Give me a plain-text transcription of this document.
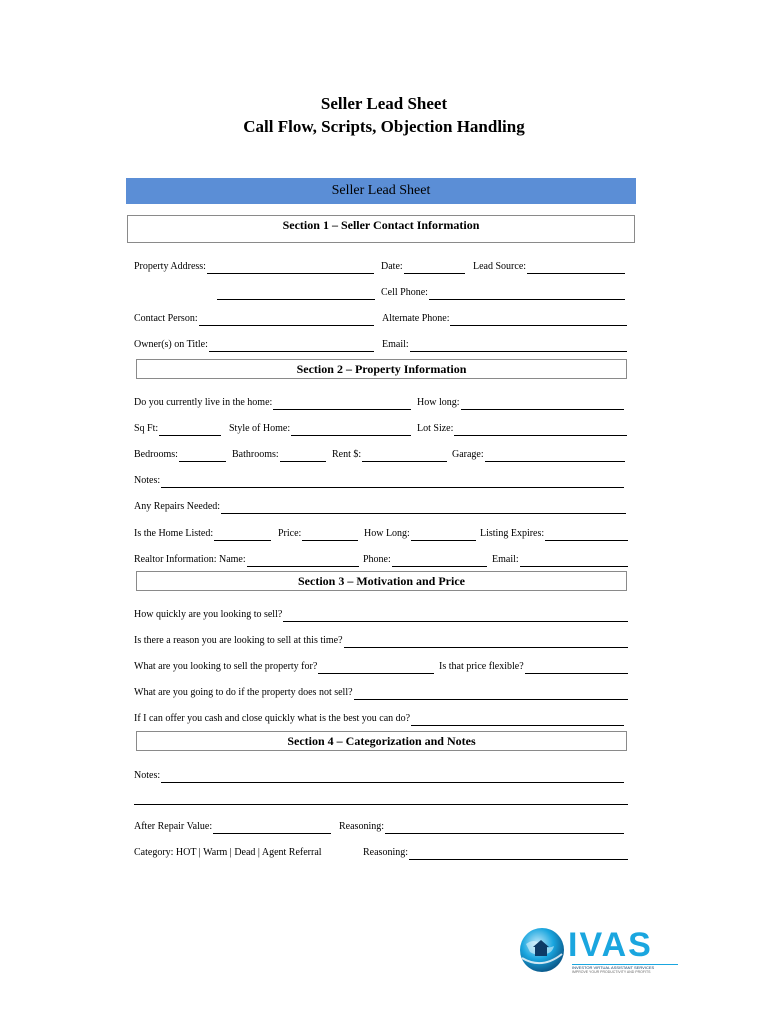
Seller Lead Sheet
Call Flow, Scripts, Objection Handling
Seller Lead Sheet
Section 1 – Seller Contact Information
Property Address:	Date:	Lead Source:
Cell Phone:
Contact Person:	Alternate Phone:
Owner(s) on Title:	Email:
Section 2 – Property Information
Do you currently live in the home:	How long:
Sq Ft:	Style of Home:	Lot Size:
Bedrooms:	Bathrooms:	Rent $:	Garage:
Notes:
Any Repairs Needed:
Is the Home Listed:	Price:	How Long:	Listing Expires:
Realtor Information: Name:	Phone:	Email:
Section 3 – Motivation and Price
How quickly are you looking to sell?
Is there a reason you are looking to sell at this time?
What are you looking to sell the property for?	Is that price flexible?
What are you going to do if the property does not sell?
If I can offer you cash and close quickly what is the best you can do?
Section 4 – Categorization and Notes
Notes:
After Repair Value:	Reasoning:
Category: HOT | Warm | Dead | Agent Referral	Reasoning:
IVAS
INVESTOR VIRTUAL ASSISTANT SERVICES
IMPROVE YOUR PRODUCTIVITY AND PROFITS
